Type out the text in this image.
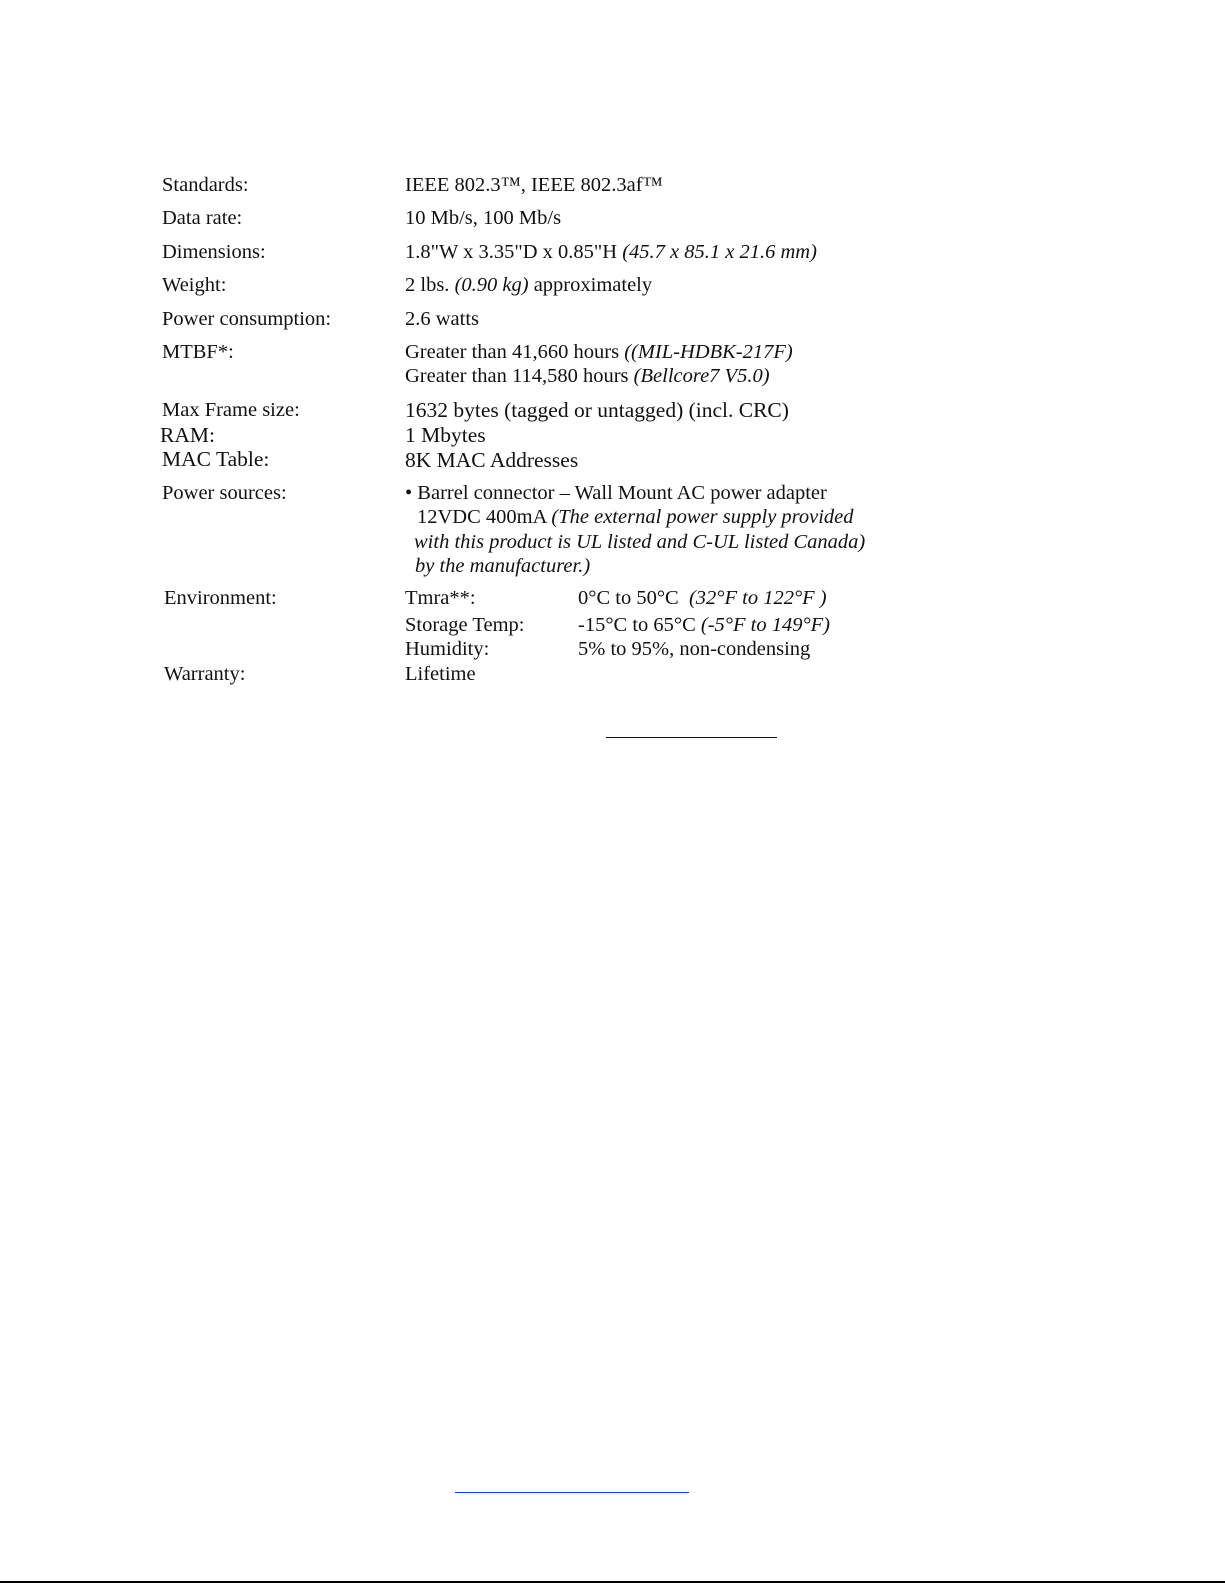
Standards:	IEEE 802.3™, IEEE 802.3af™
Data rate:	10 Mb/s, 100 Mb/s
Dimensions:	1.8"W x 3.35"D x 0.85"H (45.7 x 85.1 x 21.6 mm)
Weight:	2 lbs. (0.90 kg) approximately
Power consumption:	2.6 watts
MTBF*:	Greater than 41,660 hours ((MIL-HDBK-217F)
Greater than 114,580 hours (Bellcore7 V5.0)
Max Frame size:	1632 bytes (tagged or untagged) (incl. CRC)
RAM:	1 Mbytes
MAC Table:	8K MAC Addresses
Power sources:	• Barrel connector – Wall Mount AC power adapter
12VDC 400mA (The external power supply provided
with this product is UL listed and C-UL listed Canada)
by the manufacturer.)
Environment:	Tmra**:	0°C to 50°C (32°F to 122°F )
Storage Temp:	-15°C to 65°C (-5°F to 149°F)
Humidity:	5% to 95%, non-condensing
Warranty:	Lifetime
